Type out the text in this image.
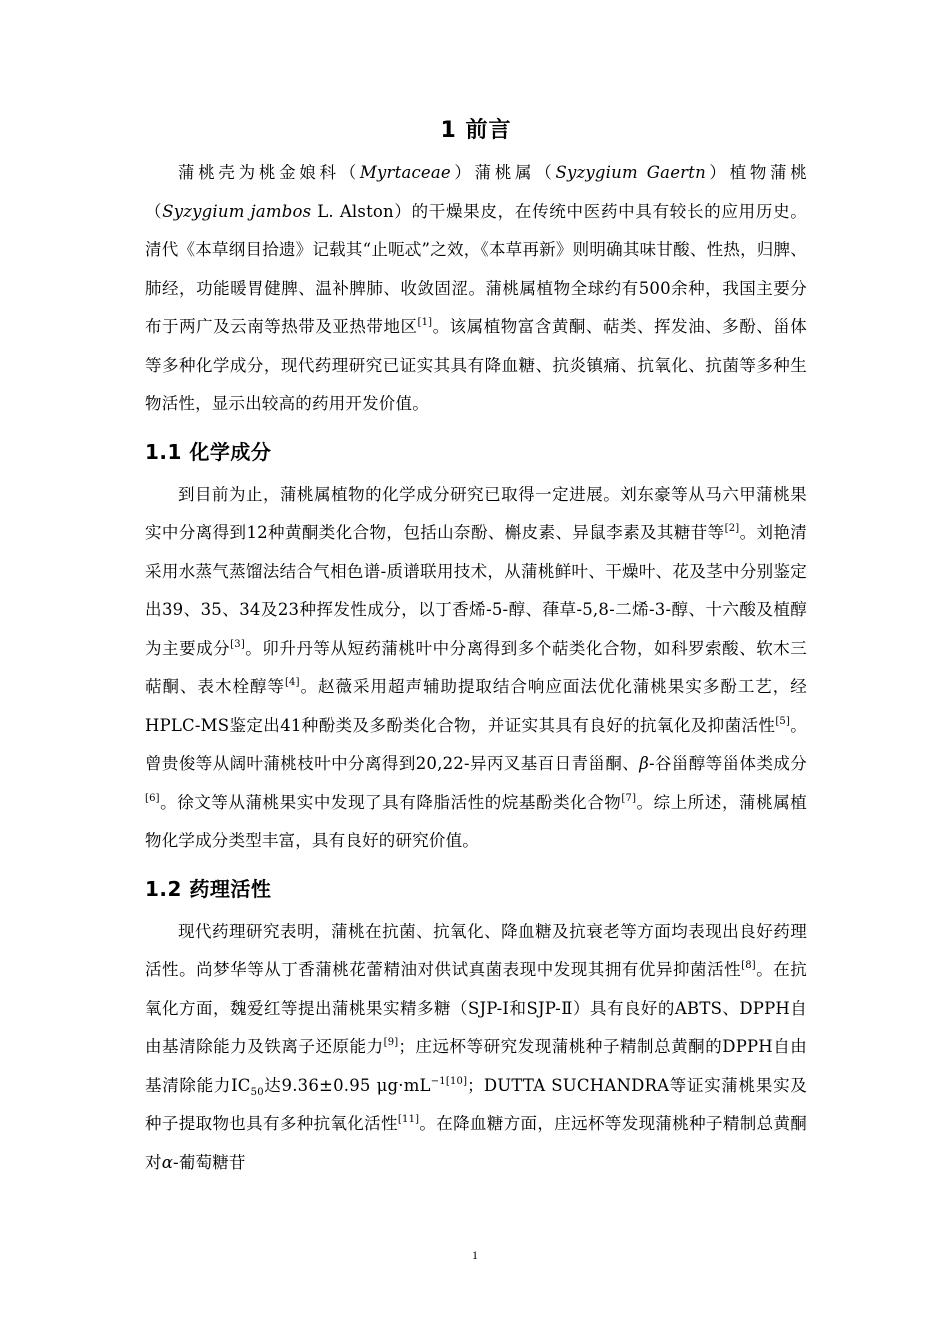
1 前言

蒲桃壳为桃金娘科（Myrtaceae）蒲桃属（Syzygium Gaertn）植物蒲桃（Syzygium jambos L. Alston）的干燥果皮，在传统中医药中具有较长的应用历史。清代《本草纲目拾遗》记载其“止呃忒”之效，《本草再新》则明确其味甘酸、性热，归脾、肺经，功能暖胃健脾、温补脾肺、收敛固涩。蒲桃属植物全球约有500余种，我国主要分布于两广及云南等热带及亚热带地区[1]。该属植物富含黄酮、萜类、挥发油、多酚、甾体等多种化学成分，现代药理研究已证实其具有降血糖、抗炎镇痛、抗氧化、抗菌等多种生物活性，显示出较高的药用开发价值。

1.1 化学成分

到目前为止，蒲桃属植物的化学成分研究已取得一定进展。刘东豪等从马六甲蒲桃果实中分离得到12种黄酮类化合物，包括山奈酚、槲皮素、异鼠李素及其糖苷等[2]。刘艳清采用水蒸气蒸馏法结合气相色谱-质谱联用技术，从蒲桃鲜叶、干燥叶、花及茎中分别鉴定出39、35、34及23种挥发性成分，以丁香烯-5-醇、葎草-5,8-二烯-3-醇、十六酸及植醇为主要成分[3]。卯升丹等从短药蒲桃叶中分离得到多个萜类化合物，如科罗索酸、软木三萜酮、表木栓醇等[4]。赵薇采用超声辅助提取结合响应面法优化蒲桃果实多酚工艺，经HPLC-MS鉴定出41种酚类及多酚类化合物，并证实其具有良好的抗氧化及抑菌活性[5]。曾贵俊等从阔叶蒲桃枝叶中分离得到20,22-异丙叉基百日青甾酮、β-谷甾醇等甾体类成分[6]。徐文等从蒲桃果实中发现了具有降脂活性的烷基酚类化合物[7]。综上所述，蒲桃属植物化学成分类型丰富，具有良好的研究价值。

1.2 药理活性

现代药理研究表明，蒲桃在抗菌、抗氧化、降血糖及抗衰老等方面均表现出良好药理活性。尚梦华等从丁香蒲桃花蕾精油对供试真菌表现中发现其拥有优异抑菌活性[8]。在抗氧化方面，魏爱红等提出蒲桃果实精多糖（SJP-I和SJP-Ⅱ）具有良好的ABTS、DPPH自由基清除能力及铁离子还原能力[9]；庄远杯等研究发现蒲桃种子精制总黄酮的DPPH自由基清除能力$IC_{50}$达9.36±0.95 $\mu g\cdot mL^{-1[10]}$；DUTTA SUCHANDRA等证实蒲桃果实及种子提取物也具有多种抗氧化活性[11]。在降血糖方面，庄远杯等发现蒲桃种子精制总黄酮对α-葡萄糖苷

1
